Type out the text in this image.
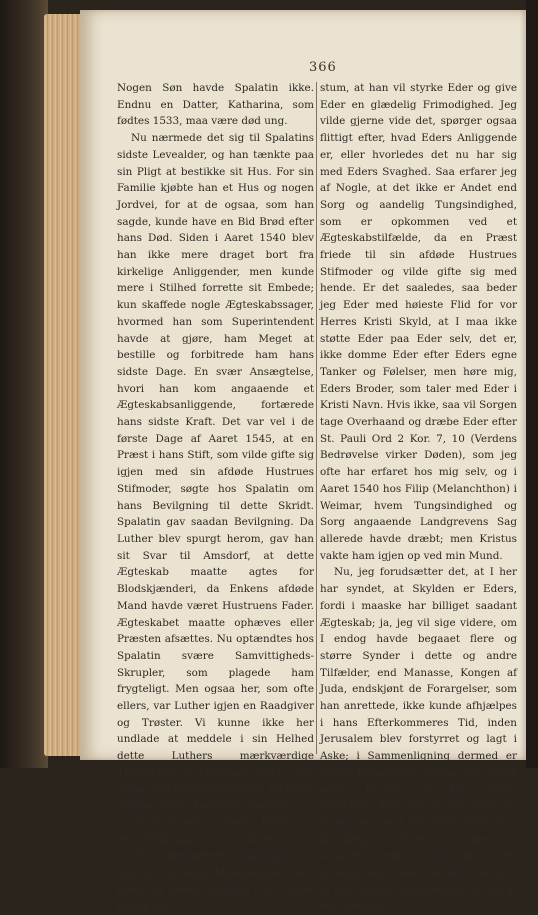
366

Nogen Søn havde Spalatin ikke. Endnu en Datter, Katharina, som fødtes 1533, maa være død ung.

Nu nærmede det sig til Spalatins sidste Levealder, og han tænkte paa sin Pligt at bestikke sit Hus. For sin Familie kjøbte han et Hus og nogen Jordvei, for at de ogsaa, som han sagde, kunde have en Bid Brød efter hans Død. Siden i Aaret 1540 blev han ikke mere draget bort fra kirkelige Anliggender, men kunde mere i Stilhed forrette sit Embede; kun skaffede nogle Ægteskabssager, hvormed han som Superintendent havde at gjøre, ham Meget at bestille og forbitrede ham hans sidste Dage. En svær Ansægtelse, hvori han kom angaaende et Ægteskabsanliggende, fortærede hans sidste Kraft. Det var vel i de første Dage af Aaret 1545, at en Præst i hans Stift, som vilde gifte sig igjen med sin afdøde Hustrues Stifmoder, søgte hos Spalatin om hans Bevilgning til dette Skridt. Spalatin gav saadan Bevilgning. Da Luther blev spurgt herom, gav han sit Svar til Amsdorf, at dette Ægteskab maatte agtes for Blodskjænderi, da Enkens afdøde Mand havde været Hustruens Fader. Ægteskabet maatte ophæves eller Præsten afsættes. Nu optændtes hos Spalatin svære Samvittigheds-Skrupler, som plagede ham frygteligt. Men ogsaa her, som ofte ellers, var Luther igjen en Raadgiver og Trøster. Vi kunne ikke her undlade at meddele i sin Helhed dette Luthers mærkværdige Trøstebrev (af 21de Aug. 1544), som ogsaa kan blive en Trøstens Kilde for mange Andre. Det lyder saaledes:

„Guds Naade og Fred i Kristo, og den Hellig-Aands Trøst! Amen.

Min allerkjæreste Spalatin! jeg har en hjertelig Medlidenhed med Eder og beder inderlig vor Herre Jesum Kri-

stum, at han vil styrke Eder og give Eder en glædelig Frimodighed. Jeg vilde gjerne vide det, spørger ogsaa flittigt efter, hvad Eders Anliggende er, eller hvorledes det nu har sig med Eders Svaghed. Saa erfarer jeg af Nogle, at det ikke er Andet end Sorg og aandelig Tungsindighed, som er opkommen ved et Ægteskabstilfælde, da en Præst friede til sin afdøde Hustrues Stifmoder og vilde gifte sig med hende. Er det saaledes, saa beder jeg Eder med høieste Flid for vor Herres Kristi Skyld, at I maa ikke støtte Eder paa Eder selv, det er, ikke domme Eder efter Eders egne Tanker og Følelser, men høre mig, Eders Broder, som taler med Eder i Kristi Navn. Hvis ikke, saa vil Sorgen tage Overhaand og dræbe Eder efter St. Pauli Ord 2 Kor. 7, 10 (Verdens Bedrøvelse virker Døden), som jeg ofte har erfaret hos mig selv, og i Aaret 1540 hos Filip (Melanchthon) i Weimar, hvem Tungsindighed og Sorg angaaende Landgrevens Sag allerede havde dræbt; men Kristus vakte ham igjen op ved min Mund.

Nu, jeg forudsætter det, at I her har syndet, at Skylden er Eders, fordi i maaske har billiget saadant Ægteskab; ja, jeg vil sige videre, om I endog havde begaaet flere og større Synder i dette og andre Tilfælder, end Manasse, Kongen af Juda, endskjønt de Forargelser, som han anrettede, ikke kunde afhjælpes i hans Efterkommeres Tid, inden Jerusalem blev forstyrret og lagt i Aske; i Sammenligning dermed er Eders Forargelse ganske let, dertil ogsaa timelig, og kan derfor afhjælpes. Men lad det nu være saa (siger jeg), at I har Skyld deri, vil I da bekymre Eder til Døden og saaledes endnu forsynde Eder grueligt mod Gud, om det sker, at I af stor Lidelse forsmægter og dør af stor Lidelse
